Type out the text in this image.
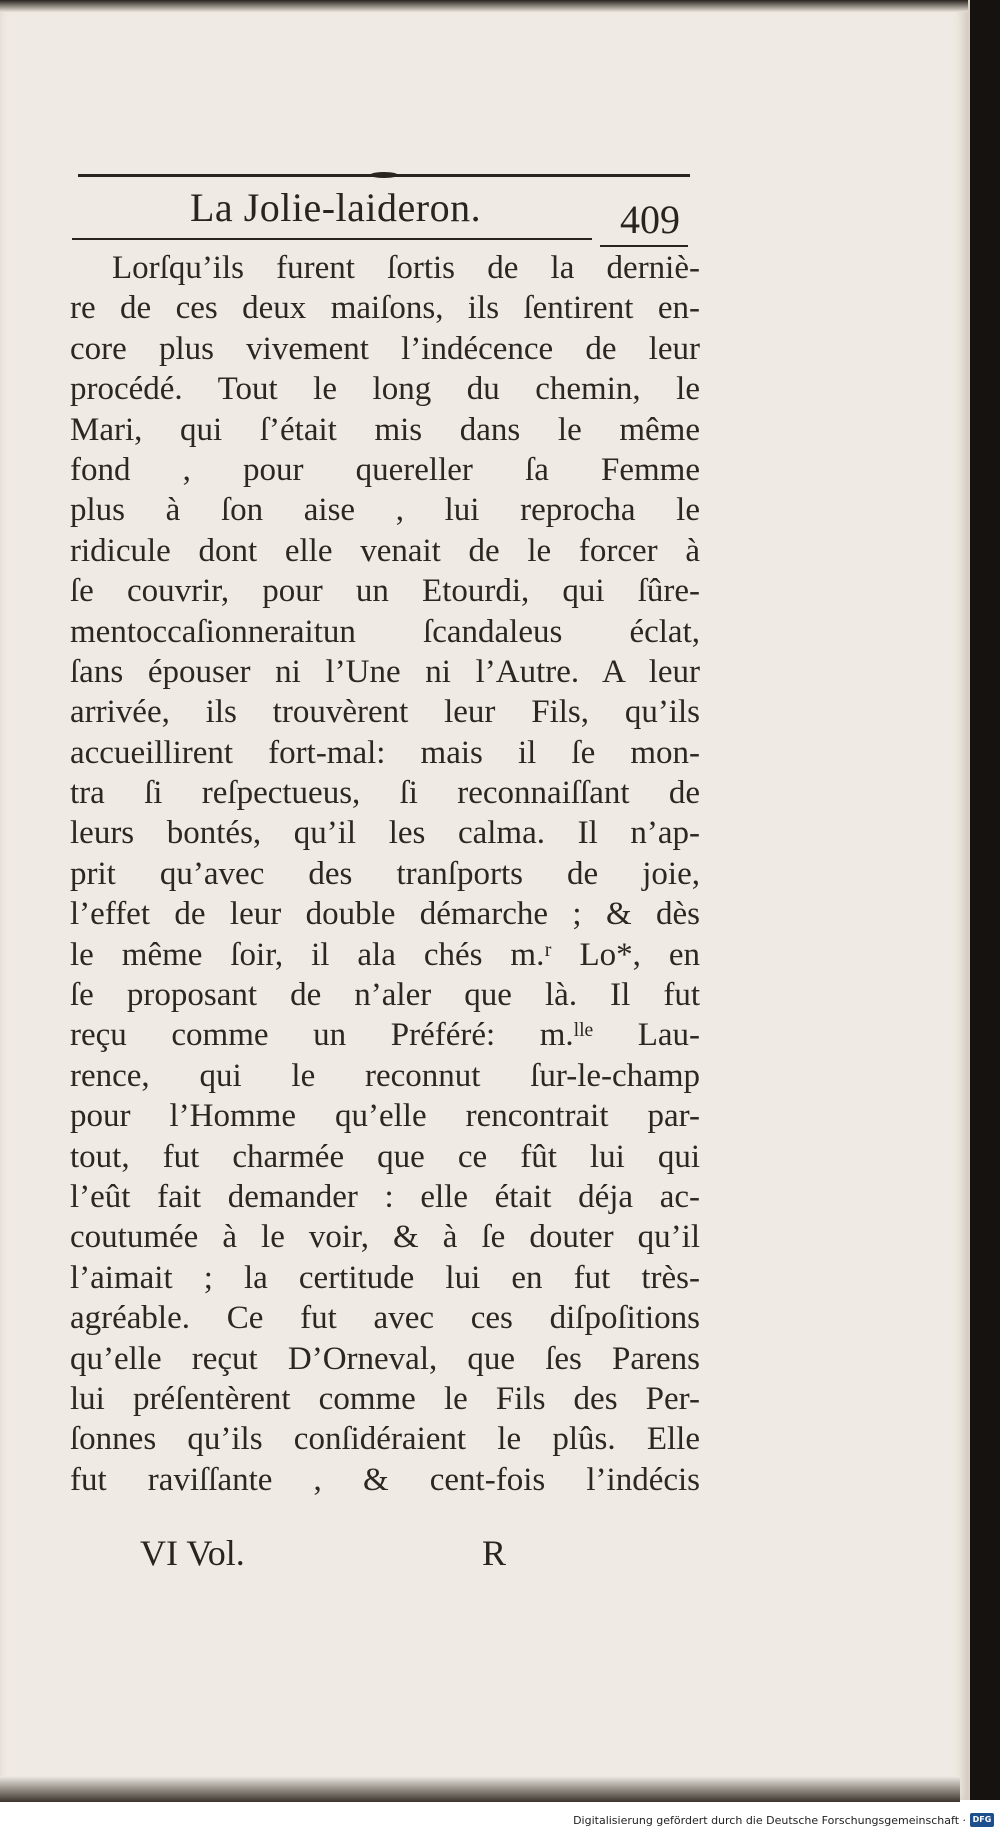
La Jolie-laideron.	409
Lorſqu’ils furent ſortis de la derniè-
re de ces deux maiſons, ils ſentirent en-
core plus vivement l’indécence de leur
procédé. Tout le long du chemin, le
Mari, qui ſ’était mis dans le même
fond , pour quereller ſa Femme
plus à ſon aise , lui reprocha le
ridicule dont elle venait de le forcer à
ſe couvrir, pour un Etourdi, qui ſûre-
mentoccaſionneraitun ſcandaleus éclat,
ſans épouser ni l’Une ni l’Autre. A leur
arrivée, ils trouvèrent leur Fils, qu’ils
accueillirent fort-mal: mais il ſe mon-
tra ſi reſpectueus, ſi reconnaiſſant de
leurs bontés, qu’il les calma. Il n’ap-
prit qu’avec des tranſports de joie,
l’effet de leur double démarche ; & dès
le même ſoir, il ala chés m.ʳ Lo*, en
ſe proposant de n’aler que là. Il fut
reçu comme un Préféré: m.ˡˡᵉ Lau-
rence, qui le reconnut ſur-le-champ
pour l’Homme qu’elle rencontrait par-
tout, fut charmée que ce fût lui qui
l’eût fait demander : elle était déja ac-
coutumée à le voir, & à ſe douter qu’il
l’aimait ; la certitude lui en fut très-
agréable. Ce fut avec ces diſpoſitions
qu’elle reçut D’Orneval, que ſes Parens
lui préſentèrent comme le Fils des Per-
ſonnes qu’ils conſidéraient le plûs. Elle
fut raviſſante , & cent-fois l’indécis
VI Vol.	R
Digitalisierung gefördert durch die Deutsche Forschungsgemeinschaft · DFG
